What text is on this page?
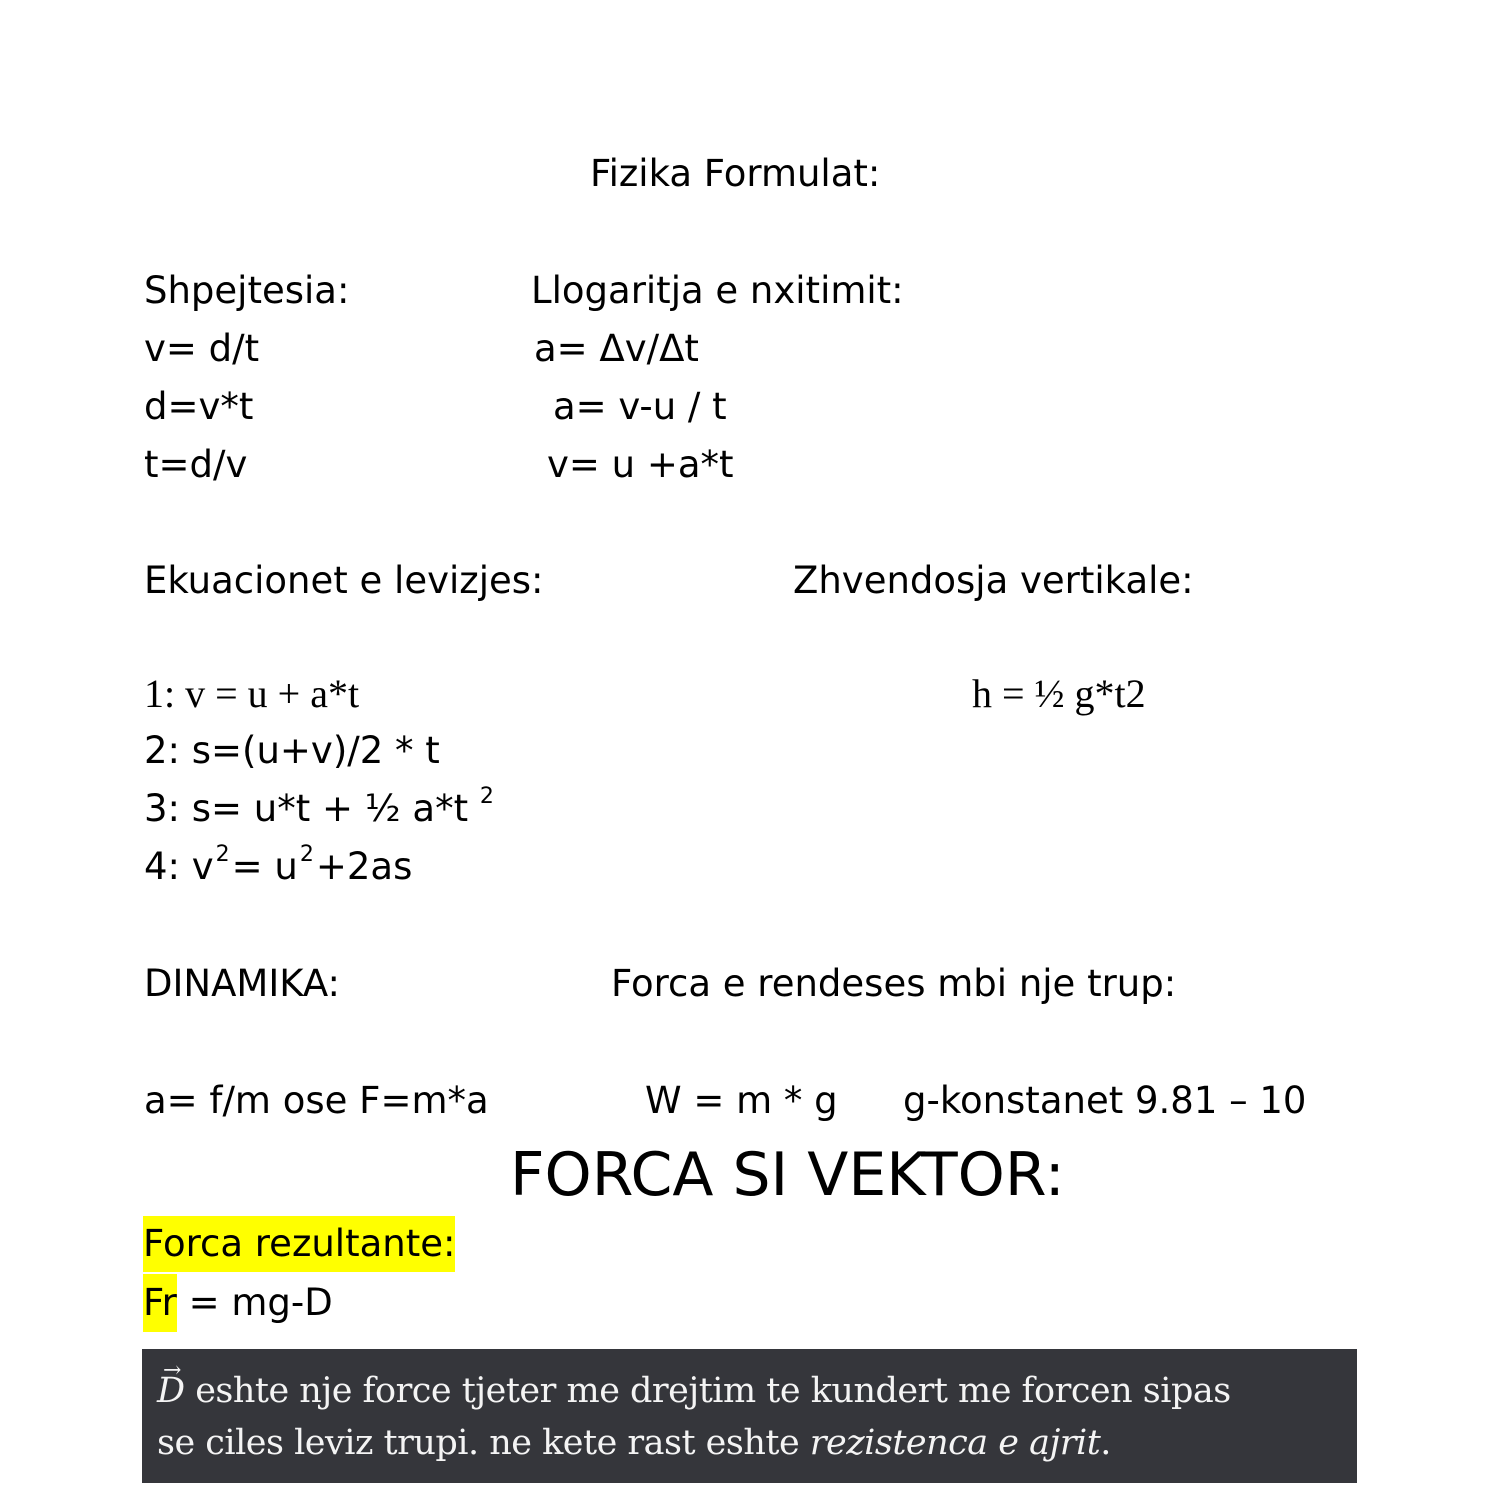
Fizika Formulat:
Shpejtesia:
v= d/t
d=v*t
t=d/v
Llogaritja e nxitimit:
a= Δv/Δt
a= v-u / t
v= u +a*t
Ekuacionet e levizjes:	Zhvendosja vertikale:
1: v = u + a*t	h = ½ g*t2
2: s=(u+v)/2 * t
3: s= u*t + ½ a*t $^2$
4: $v^2= u^2+2as$
DINAMIKA:	Forca e rendeses mbi nje trup:
a= f/m ose F=m*a	W = m * g g-konstanet 9.81 – 10
FORCA SI VEKTOR:
Forca rezultante:
Fr = mg-D
→ D eshte nje force tjeter me drejtim te kundert me forcen sipas
se ciles leviz trupi. ne kete rast eshte rezistenca e ajrit.
